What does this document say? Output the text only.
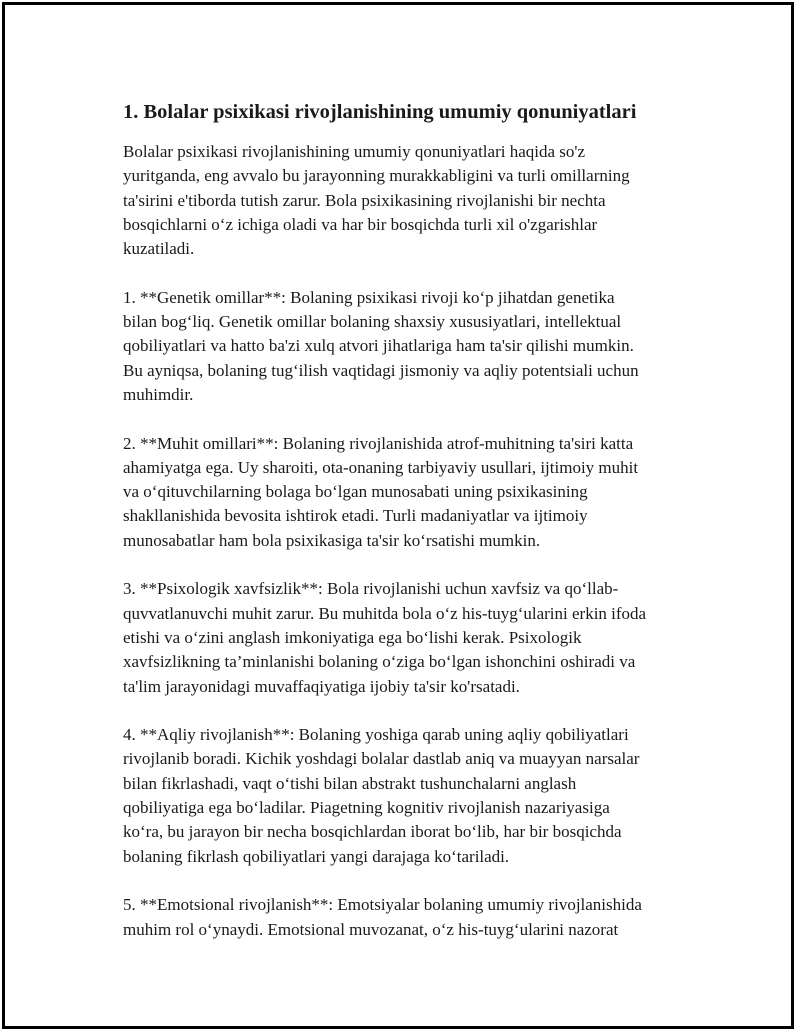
1. Bolalar psixikasi rivojlanishining umumiy qonuniyatlari

Bolalar psixikasi rivojlanishining umumiy qonuniyatlari haqida so'z
yuritganda, eng avvalo bu jarayonning murakkabligini va turli omillarning
ta'sirini e'tiborda tutish zarur. Bola psixikasining rivojlanishi bir nechta
bosqichlarni o‘z ichiga oladi va har bir bosqichda turli xil o'zgarishlar
kuzatiladi.

1. **Genetik omillar**: Bolaning psixikasi rivoji ko‘p jihatdan genetika
bilan bog‘liq. Genetik omillar bolaning shaxsiy xususiyatlari, intellektual
qobiliyatlari va hatto ba'zi xulq atvori jihatlariga ham ta'sir qilishi mumkin.
Bu ayniqsa, bolaning tug‘ilish vaqtidagi jismoniy va aqliy potentsiali uchun
muhimdir.

2. **Muhit omillari**: Bolaning rivojlanishida atrof-muhitning ta'siri katta
ahamiyatga ega. Uy sharoiti, ota-onaning tarbiyaviy usullari, ijtimoiy muhit
va o‘qituvchilarning bolaga bo‘lgan munosabati uning psixikasining
shakllanishida bevosita ishtirok etadi. Turli madaniyatlar va ijtimoiy
munosabatlar ham bola psixikasiga ta'sir ko‘rsatishi mumkin.

3. **Psixologik xavfsizlik**: Bola rivojlanishi uchun xavfsiz va qo‘llab-
quvvatlanuvchi muhit zarur. Bu muhitda bola o‘z his-tuyg‘ularini erkin ifoda
etishi va o‘zini anglash imkoniyatiga ega bo‘lishi kerak. Psixologik
xavfsizlikning ta’minlanishi bolaning o‘ziga bo‘lgan ishonchini oshiradi va
ta'lim jarayonidagi muvaffaqiyatiga ijobiy ta'sir ko'rsatadi.

4. **Aqliy rivojlanish**: Bolaning yoshiga qarab uning aqliy qobiliyatlari
rivojlanib boradi. Kichik yoshdagi bolalar dastlab aniq va muayyan narsalar
bilan fikrlashadi, vaqt o‘tishi bilan abstrakt tushunchalarni anglash
qobiliyatiga ega bo‘ladilar. Piagetning kognitiv rivojlanish nazariyasiga
ko‘ra, bu jarayon bir necha bosqichlardan iborat bo‘lib, har bir bosqichda
bolaning fikrlash qobiliyatlari yangi darajaga ko‘tariladi.

5. **Emotsional rivojlanish**: Emotsiyalar bolaning umumiy rivojlanishida
muhim rol o‘ynaydi. Emotsional muvozanat, o‘z his-tuyg‘ularini nazorat
